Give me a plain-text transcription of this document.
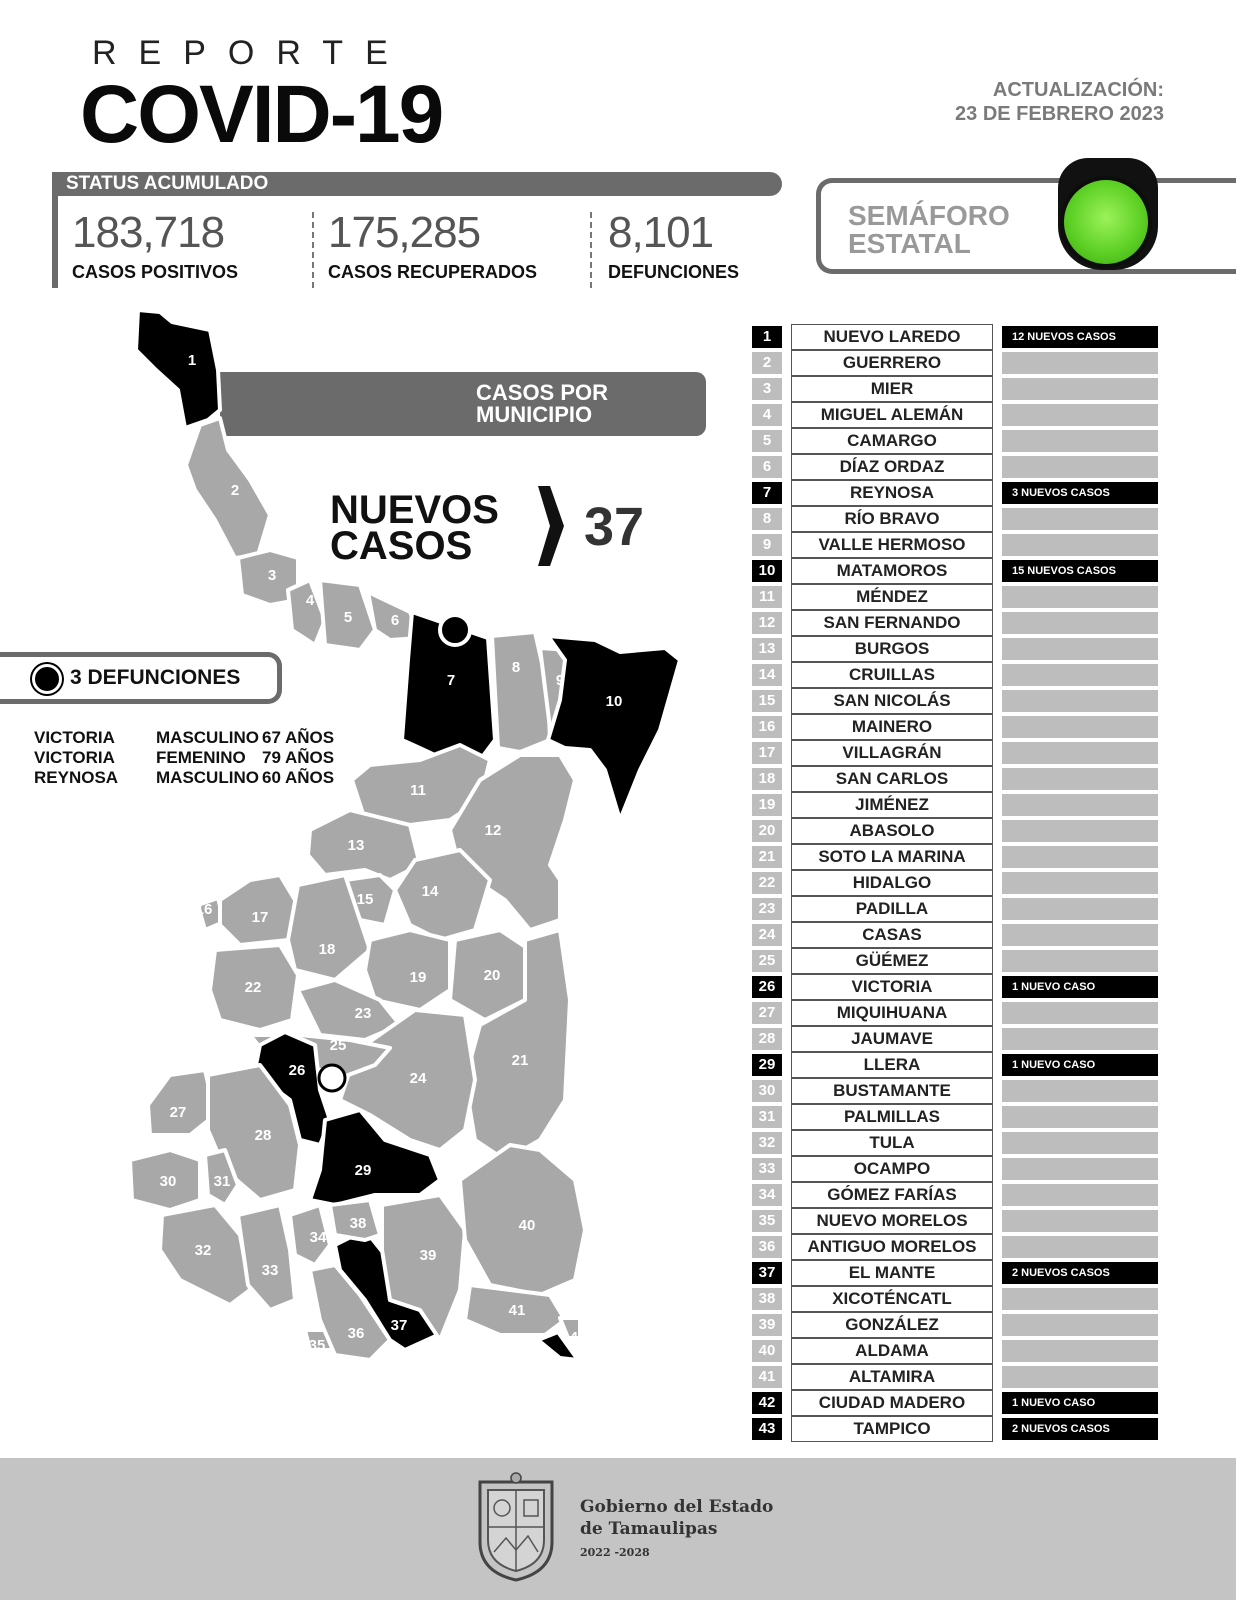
REPORTE
COVID-19	ACTUALIZACIÓN:
23 DE FEBRERO 2023
STATUS ACUMULADO
183,718
CASOS POSITIVOS
175,285
CASOS RECUPERADOS
8,101
DEFUNCIONES
SEMÁFORO
ESTATAL
CASOS POR
MUNICIPIO
NUEVOS
CASOS	37
3 DEFUNCIONES
VICTORIA	MASCULINO 67 AÑOS
VICTORIA	FEMENINO 79 AÑOS
REYNOSA	MASCULINO 60 AÑOS
1
2
3
4
5	6
7
8
9
10
11
12
13
14
15
16	17
18
19	20
21
22
23
24
25
26
27
28
29
30 31
32
33
34
35
36 37
38
39
40
41
42
43
1	NUEVO LAREDO	12 NUEVOS CASOS
2	GUERRERO
3	MIER
4	MIGUEL ALEMÁN
5	CAMARGO
6	DÍAZ ORDAZ
7	REYNOSA	3 NUEVOS CASOS
8	RÍO BRAVO
9	VALLE HERMOSO
10	MATAMOROS	15 NUEVOS CASOS
11	MÉNDEZ
12	SAN FERNANDO
13	BURGOS
14	CRUILLAS
15	SAN NICOLÁS
16	MAINERO
17	VILLAGRÁN
18	SAN CARLOS
19	JIMÉNEZ
20	ABASOLO
21	SOTO LA MARINA
22	HIDALGO
23	PADILLA
24	CASAS
25	GÜÉMEZ
26	VICTORIA	1 NUEVO CASO
27	MIQUIHUANA
28	JAUMAVE
29	LLERA	1 NUEVO CASO
30	BUSTAMANTE
31	PALMILLAS
32	TULA
33	OCAMPO
34	GÓMEZ FARÍAS
35	NUEVO MORELOS
36	ANTIGUO MORELOS
37	EL MANTE	2 NUEVOS CASOS
38	XICOTÉNCATL
39	GONZÁLEZ
40	ALDAMA
41	ALTAMIRA
42	CIUDAD MADERO	1 NUEVO CASO
43	TAMPICO	2 NUEVOS CASOS
Gobierno del Estado
de Tamaulipas
2022 -2028
